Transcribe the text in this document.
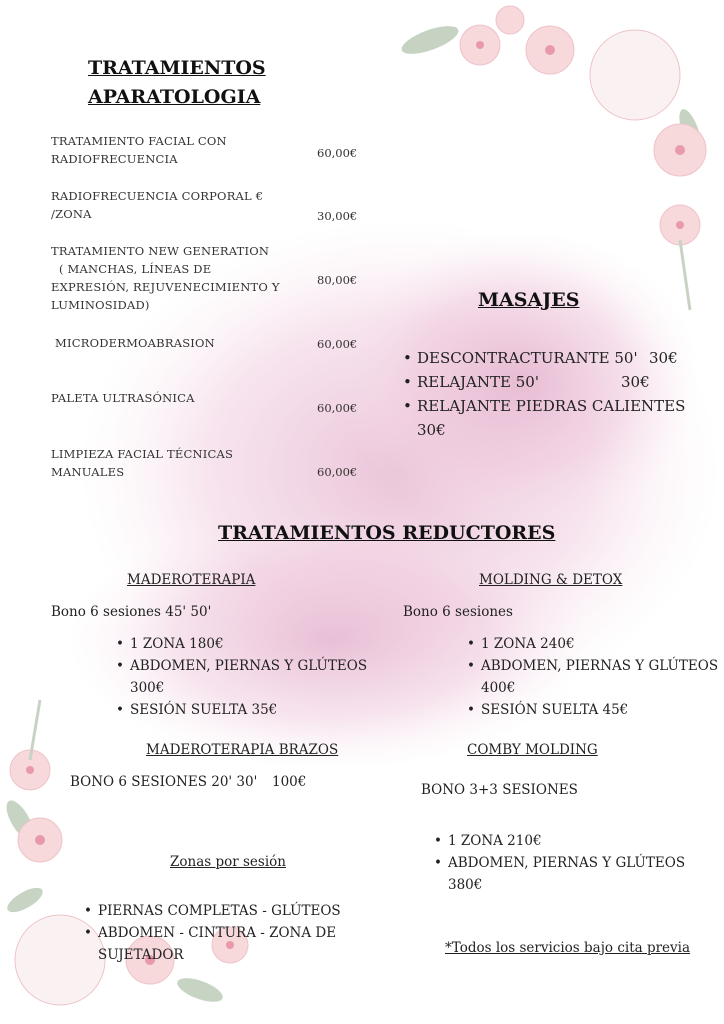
TRATAMIENTOS
APARATOLOGIA
TRATAMIENTO FACIAL CON
RADIOFRECUENCIA	60,00€
RADIOFRECUENCIA CORPORAL €
/ZONA	30,00€
TRATAMIENTO NEW GENERATION
( MANCHAS, LÍNEAS DE
EXPRESIÓN, REJUVENECIMIENTO Y
LUMINOSIDAD)
80,00€
MICRODERMOABRASION	60,00€
PALETA ULTRASÓNICA
60,00€
LIMPIEZA FACIAL TÉCNICAS
MANUALES	60,00€
MASAJES
• DESCONTRACTURANTE 50' 30€
• RELAJANTE 50'	30€
• RELAJANTE PIEDRAS CALIENTES 30€
TRATAMIENTOS REDUCTORES
MADEROTERAPIA
Bono 6 sesiones 45' 50'
• 1 ZONA 180€
• ABDOMEN, PIERNAS Y GLÚTEOS
300€
• SESIÓN SUELTA 35€
MOLDING & DETOX
Bono 6 sesiones
• 1 ZONA 240€
• ABDOMEN, PIERNAS Y GLÚTEOS
400€
• SESIÓN SUELTA 45€
MADEROTERAPIA BRAZOS
BONO 6 SESIONES 20' 30' 100€
COMBY MOLDING
BONO 3+3 SESIONES
• 1 ZONA 210€
• ABDOMEN, PIERNAS Y GLÚTEOS
380€
Zonas por sesión
• PIERNAS COMPLETAS - GLÚTEOS
• ABDOMEN - CINTURA - ZONA DE SUJETADOR	*Todos los servicios bajo cita previa
